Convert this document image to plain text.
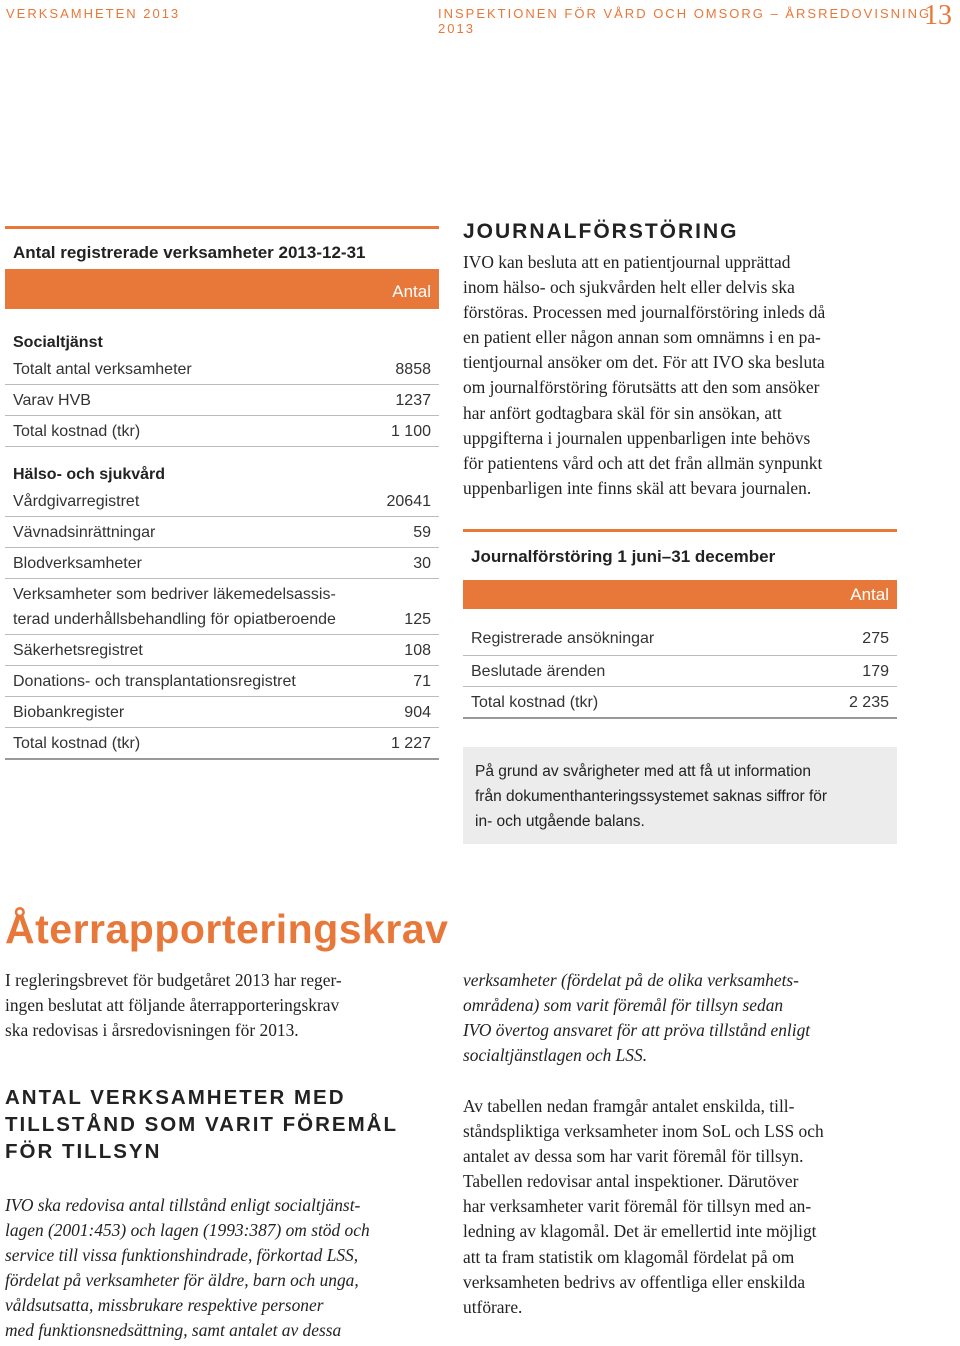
VERKSAMHETEN 2013	INSPEKTIONEN FÖR VÅRD OCH OMSORG – ÅRSREDOVISNING 2013	13
Antal registrerade verksamheter 2013-12-31
Antal
Socialtjänst
Totalt antal verksamheter	8858
Varav HVB	1237
Total kostnad (tkr)	1 100
Hälso- och sjukvård
Vårdgivarregistret	20641
Vävnadsinrättningar	59
Blodverksamheter	30
Verksamheter som bedriver läkemedelsassis-
terad underhållsbehandling för opiatberoende	125
Säkerhetsregistret	108
Donations- och transplantationsregistret	71
Biobankregister	904
Total kostnad (tkr)	1 227
JOURNALFÖRSTÖRING
IVO kan besluta att en patientjournal upprättad
inom hälso- och sjukvården helt eller delvis ska
förstöras. Processen med journalförstöring inleds då
en patient eller någon annan som omnämns i en pa-
tientjournal ansöker om det. För att IVO ska besluta
om journalförstöring förutsätts att den som ansöker
har anfört godtagbara skäl för sin ansökan, att
uppgifterna i journalen uppenbarligen inte behövs
för patientens vård och att det från allmän synpunkt
uppenbarligen inte finns skäl att bevara journalen.
Journalförstöring 1 juni–31 december
Antal
Registrerade ansökningar	275
Beslutade ärenden	179
Total kostnad (tkr)	2 235
På grund av svårigheter med att få ut information
från dokumenthanteringssystemet saknas siffror för
in- och utgående balans.
Återrapporteringskrav
I regleringsbrevet för budgetåret 2013 har reger-
ingen beslutat att följande återrapporteringskrav
ska redovisas i årsredovisningen för 2013.
ANTAL VERKSAMHETER MED
TILLSTÅND SOM VARIT FÖREMÅL
FÖR TILLSYN
IVO ska redovisa antal tillstånd enligt socialtjänst-
lagen (2001:453) och lagen (1993:387) om stöd och
service till vissa funktionshindrade, förkortad LSS,
fördelat på verksamheter för äldre, barn och unga,
våldsutsatta, missbrukare respektive personer
med funktionsnedsättning, samt antalet av dessa
verksamheter (fördelat på de olika verksamhets-
områdena) som varit föremål för tillsyn sedan
IVO övertog ansvaret för att pröva tillstånd enligt
socialtjänstlagen och LSS.
Av tabellen nedan framgår antalet enskilda, till-
ståndspliktiga verksamheter inom SoL och LSS och
antalet av dessa som har varit föremål för tillsyn.
Tabellen redovisar antal inspektioner. Därutöver
har verksamheter varit föremål för tillsyn med an-
ledning av klagomål. Det är emellertid inte möjligt
att ta fram statistik om klagomål fördelat på om
verksamheten bedrivs av offentliga eller enskilda
utförare.
